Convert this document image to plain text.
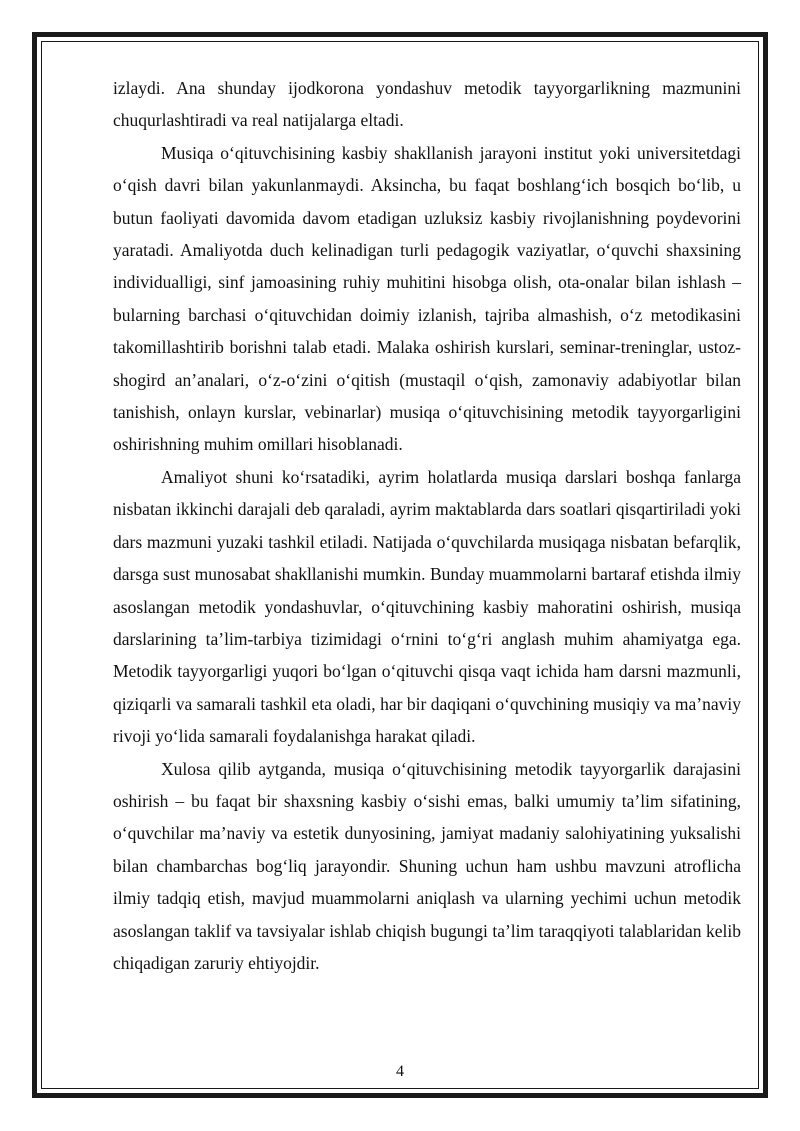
izlaydi. Ana shunday ijodkorona yondashuv metodik tayyorgarlikning mazmunini chuqurlashtiradi va real natijalarga eltadi.

Musiqa o‘qituvchisining kasbiy shakllanish jarayoni institut yoki universitetdagi o‘qish davri bilan yakunlanmaydi. Aksincha, bu faqat boshlang‘ich bosqich bo‘lib, u butun faoliyati davomida davom etadigan uzluksiz kasbiy rivojlanishning poydevorini yaratadi. Amaliyotda duch kelinadigan turli pedagogik vaziyatlar, o‘quvchi shaxsining individualligi, sinf jamoasining ruhiy muhitini hisobga olish, ota-onalar bilan ishlash – bularning barchasi o‘qituvchidan doimiy izlanish, tajriba almashish, o‘z metodikasini takomillashtirib borishni talab etadi. Malaka oshirish kurslari, seminar-treninglar, ustoz-shogird an’analari, o‘z-o‘zini o‘qitish (mustaqil o‘qish, zamonaviy adabiyotlar bilan tanishish, onlayn kurslar, vebinarlar) musiqa o‘qituvchisining metodik tayyorgarligini oshirishning muhim omillari hisoblanadi.

Amaliyot shuni ko‘rsatadiki, ayrim holatlarda musiqa darslari boshqa fanlarga nisbatan ikkinchi darajali deb qaraladi, ayrim maktablarda dars soatlari qisqartiriladi yoki dars mazmuni yuzaki tashkil etiladi. Natijada o‘quvchilarda musiqaga nisbatan befarqlik, darsga sust munosabat shakllanishi mumkin. Bunday muammolarni bartaraf etishda ilmiy asoslangan metodik yondashuvlar, o‘qituvchining kasbiy mahoratini oshirish, musiqa darslarining ta’lim-tarbiya tizimidagi o‘rnini to‘g‘ri anglash muhim ahamiyatga ega. Metodik tayyorgarligi yuqori bo‘lgan o‘qituvchi qisqa vaqt ichida ham darsni mazmunli, qiziqarli va samarali tashkil eta oladi, har bir daqiqani o‘quvchining musiqiy va ma’naviy rivoji yo‘lida samarali foydalanishga harakat qiladi.

Xulosa qilib aytganda, musiqa o‘qituvchisining metodik tayyorgarlik darajasini oshirish – bu faqat bir shaxsning kasbiy o‘sishi emas, balki umumiy ta’lim sifatining, o‘quvchilar ma’naviy va estetik dunyosining, jamiyat madaniy salohiyatining yuksalishi bilan chambarchas bog‘liq jarayondir. Shuning uchun ham ushbu mavzuni atroflicha ilmiy tadqiq etish, mavjud muammolarni aniqlash va ularning yechimi uchun metodik asoslangan taklif va tavsiyalar ishlab chiqish bugungi ta’lim taraqqiyoti talablaridan kelib chiqadigan zaruriy ehtiyojdir.

4
